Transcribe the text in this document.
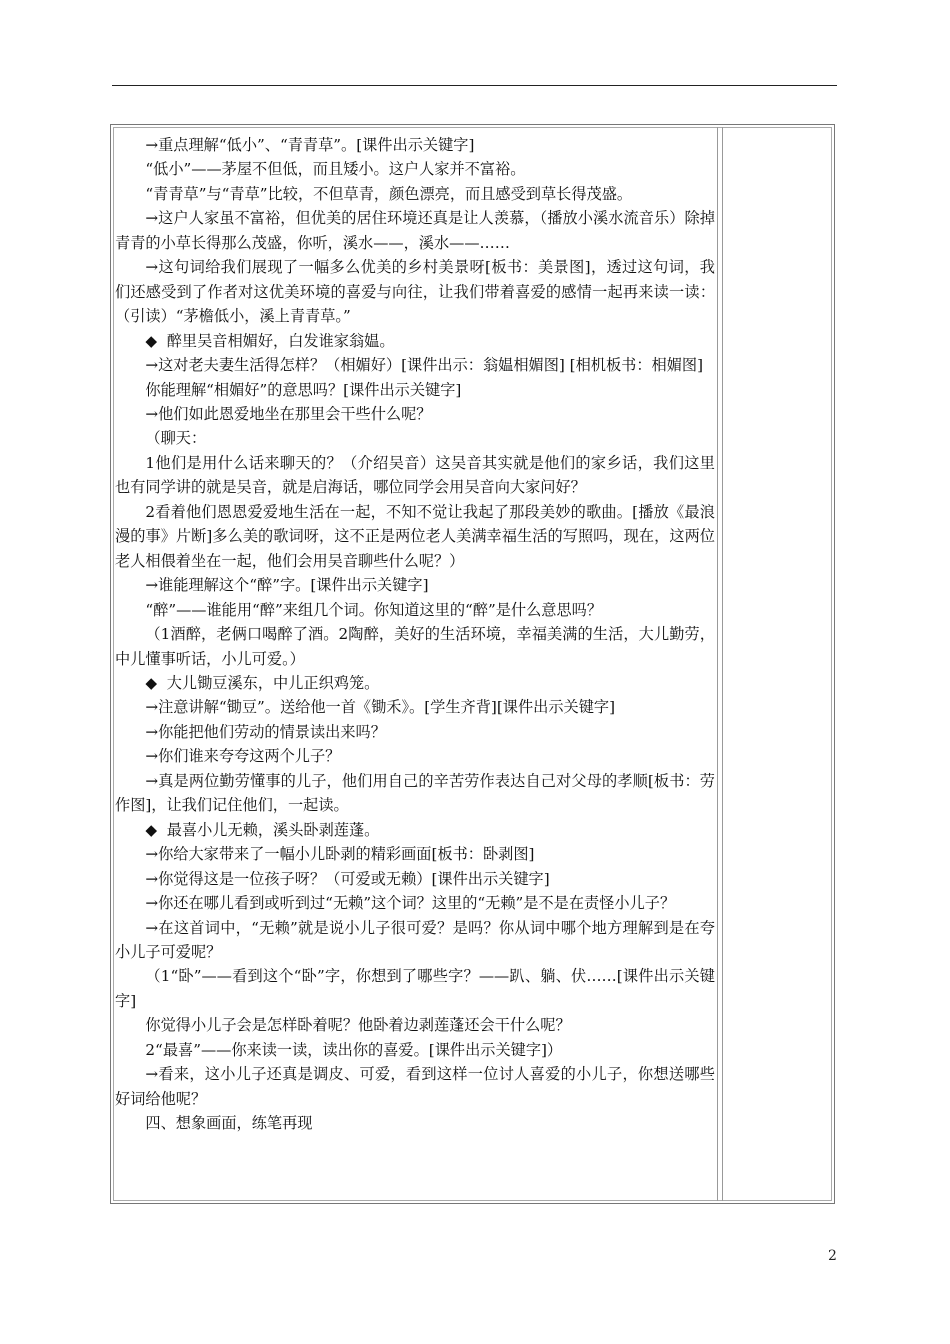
→重点理解“低小”、“青青草”。[课件出示关键字]

“低小”——茅屋不但低，而且矮小。这户人家并不富裕。

“青青草”与“青草”比较，不但草青，颜色漂亮，而且感受到草长得茂盛。

→这户人家虽不富裕，但优美的居住环境还真是让人羡慕，（播放小溪水流音乐）除掉青青的小草长得那么茂盛，你听，溪水——，溪水——……

→这句词给我们展现了一幅多么优美的乡村美景呀[板书：美景图]，透过这句词，我们还感受到了作者对这优美环境的喜爱与向往，让我们带着喜爱的感情一起再来读一读：（引读）“茅檐低小，溪上青青草。”

◆  醉里吴音相媚好，白发谁家翁媪。

→这对老夫妻生活得怎样？（相媚好）[课件出示：翁媪相媚图] [相机板书：相媚图]

你能理解“相媚好”的意思吗？[课件出示关键字]

→他们如此恩爱地坐在那里会干些什么呢？

（聊天：

1他们是用什么话来聊天的？（介绍吴音）这吴音其实就是他们的家乡话，我们这里也有同学讲的就是吴音，就是启海话，哪位同学会用吴音向大家问好？

2看着他们恩恩爱爱地生活在一起，不知不觉让我起了那段美妙的歌曲。[播放《最浪漫的事》片断]多么美的歌词呀，这不正是两位老人美满幸福生活的写照吗，现在，这两位老人相偎着坐在一起，他们会用吴音聊些什么呢？）

→谁能理解这个“醉”字。[课件出示关键字]

“醉”——谁能用“醉”来组几个词。你知道这里的“醉”是什么意思吗？

（1酒醉，老俩口喝醉了酒。2陶醉，美好的生活环境，幸福美满的生活，大儿勤劳，中儿懂事听话，小儿可爱。）

◆  大儿锄豆溪东，中儿正织鸡笼。

→注意讲解“锄豆”。送给他一首《锄禾》。[学生齐背][课件出示关键字]

→你能把他们劳动的情景读出来吗？

→你们谁来夸夸这两个儿子？

→真是两位勤劳懂事的儿子，他们用自己的辛苦劳作表达自己对父母的孝顺[板书：劳作图]，让我们记住他们，一起读。

◆  最喜小儿无赖，溪头卧剥莲蓬。

→你给大家带来了一幅小儿卧剥的精彩画面[板书：卧剥图]

→你觉得这是一位孩子呀？（可爱或无赖）[课件出示关键字]

→你还在哪儿看到或听到过“无赖”这个词？这里的“无赖”是不是在责怪小儿子？

→在这首词中，“无赖”就是说小儿子很可爱？是吗？你从词中哪个地方理解到是在夸小儿子可爱呢？

（1“卧”——看到这个“卧”字，你想到了哪些字？——趴、躺、伏……[课件出示关键字]

你觉得小儿子会是怎样卧着呢？他卧着边剥莲蓬还会干什么呢？

2“最喜”——你来读一读，读出你的喜爱。[课件出示关键字]）

→看来，这小儿子还真是调皮、可爱，看到这样一位讨人喜爱的小儿子，你想送哪些好词给他呢？

四、想象画面，练笔再现

2
